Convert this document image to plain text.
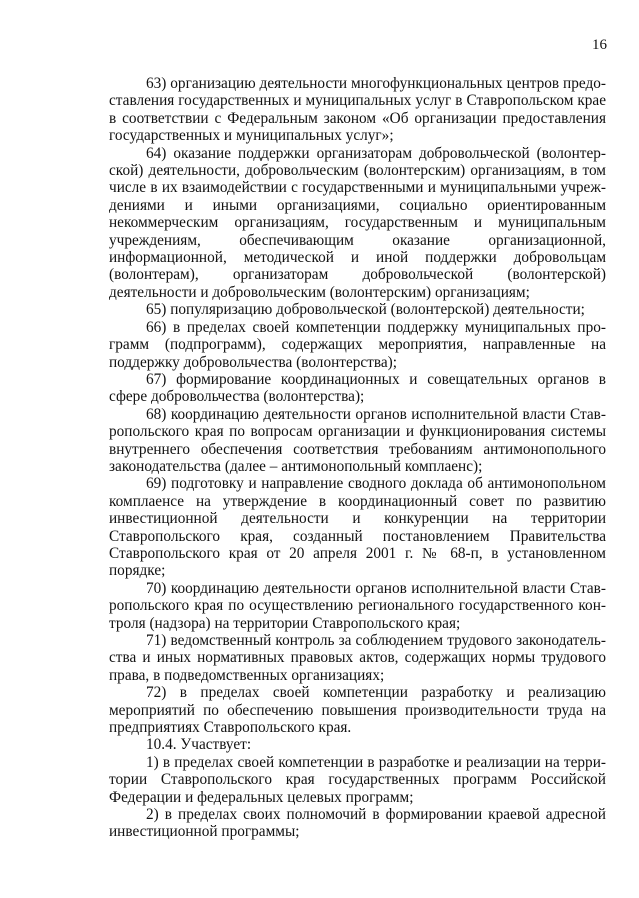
16

63) организацию деятельности многофункциональных центров предоставления государственных и муниципальных услуг в Ставропольском крае в соответствии с Федеральным законом «Об организации предоставления государственных и муниципальных услуг»;

64) оказание поддержки организаторам добровольческой (волонтерской) деятельности, добровольческим (волонтерским) организациям, в том числе в их взаимодействии с государственными и муниципальными учреждениями и иными организациями, социально ориентированным некоммерческим организациям, государственным и муниципальным учреждениям, обеспечивающим оказание организационной, информационной, методической и иной поддержки добровольцам (волонтерам), организаторам добровольческой (волонтерской) деятельности и добровольческим (волонтерским) организациям;

65) популяризацию добровольческой (волонтерской) деятельности;

66) в пределах своей компетенции поддержку муниципальных программ (подпрограмм), содержащих мероприятия, направленные на поддержку добровольчества (волонтерства);

67) формирование координационных и совещательных органов в сфере добровольчества (волонтерства);

68) координацию деятельности органов исполнительной власти Ставропольского края по вопросам организации и функционирования системы внутреннего обеспечения соответствия требованиям антимонопольного законодательства (далее – антимонопольный комплаенс);

69) подготовку и направление сводного доклада об антимонопольном комплаенсе на утверждение в координационный совет по развитию инвестиционной деятельности и конкуренции на территории Ставропольского края, созданный постановлением Правительства Ставропольского края от 20 апреля 2001 г. № 68-п, в установленном порядке;

70) координацию деятельности органов исполнительной власти Ставропольского края по осуществлению регионального государственного контроля (надзора) на территории Ставропольского края;

71) ведомственный контроль за соблюдением трудового законодательства и иных нормативных правовых актов, содержащих нормы трудового права, в подведомственных организациях;

72) в пределах своей компетенции разработку и реализацию мероприятий по обеспечению повышения производительности труда на предприятиях Ставропольского края.

10.4. Участвует:

1) в пределах своей компетенции в разработке и реализации на территории Ставропольского края государственных программ Российской Федерации и федеральных целевых программ;

2) в пределах своих полномочий в формировании краевой адресной инвестиционной программы;
